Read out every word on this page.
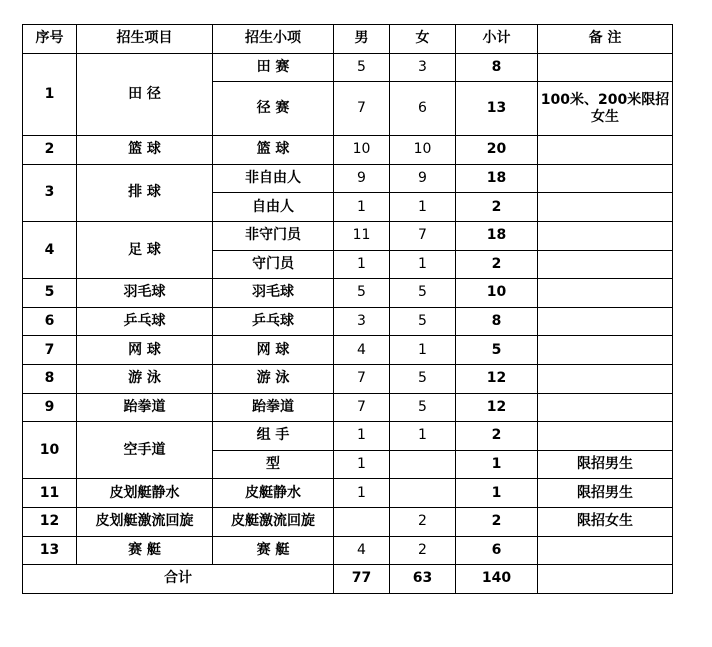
序号	招生项目	招生小项	男	女	小计	备 注
1	田 径	田 赛	5	3	8	
		径 赛	7	6	13	100米、200米限招女生
2	篮 球	篮 球	10	10	20	
3	排 球	非自由人	9	9	18	
		自由人	1	1	2	
4	足 球	非守门员	11	7	18	
		守门员	1	1	2	
5	羽毛球	羽毛球	5	5	10	
6	乒乓球	乒乓球	3	5	8	
7	网 球	网 球	4	1	5	
8	游 泳	游 泳	7	5	12	
9	跆拳道	跆拳道	7	5	12	
10	空手道	组 手	1	1	2	
		型	1		1	限招男生
11	皮划艇静水	皮艇静水	1		1	限招男生
12	皮划艇激流回旋	皮艇激流回旋		2	2	限招女生
13	赛 艇	赛 艇	4	2	6	
合计			77	63	140	
